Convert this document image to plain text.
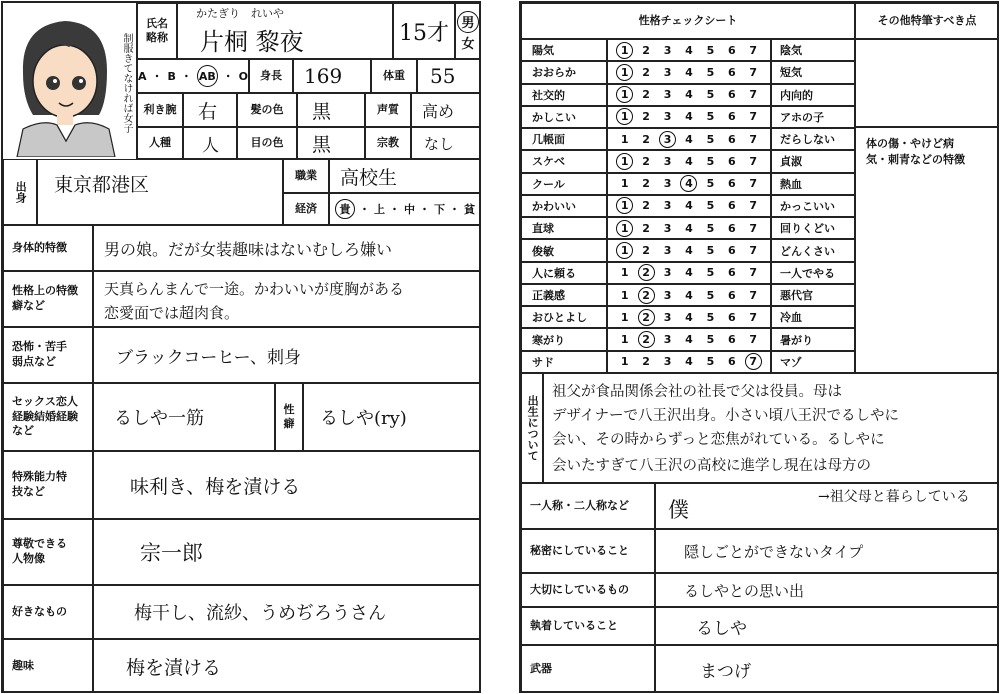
制服きてなければ女子
氏名
略称
かたぎり　れいや
片桐 黎夜	15才 男
女
A ・ B ・ AB ・ O	身長	169	体重	55
利き腕	右	髪の色	黒	声質	高め
人種	人	目の色	黒	宗教	なし
出身	東京都港区	職業	高校生
経済	貴 ・ 上 ・ 中 ・ 下 ・ 貧
身体的特徴	男の娘。だが女装趣味はないむしろ嫌い
性格上の特徴癖など
天真らんまんで一途。かわいいが度胸がある
恋愛面では超肉食。
恐怖・苦手弱点など	ブラックコーヒー、刺身
セックス恋人経験結婚経験など
るしや一筋	性癖	るしや(ry)
特殊能力特技など	味利き、梅を漬ける
尊敬できる人物像	宗一郎
好きなもの	梅干し、流紗、うめぢろうさん
趣味	梅を漬ける
性格チェックシート	その他特筆すべき点
体の傷・やけど病気・刺青などの特徴
陽気	1	2	3	4	5	6	7	陰気
おおらか	1	2	3	4	5	6	7	短気
社交的	1	2	3	4	5	6	7	内向的
かしこい	1	2	3	4	5	6	7	アホの子
几帳面	1	2	3	4	5	6	7	だらしない
スケベ	1	2	3	4	5	6	7	貞淑
クール	1	2	3	4	5	6	7	熱血
かわいい	1	2	3	4	5	6	7	かっこいい
直球	1	2	3	4	5	6	7	回りくどい
俊敏	1	2	3	4	5	6	7	どんくさい
人に頼る	1	2	3	4	5	6	7	一人でやる
正義感	1	2	3	4	5	6	7	悪代官
おひとよし	1	2	3	4	5	6	7	冷血
寒がり	1	2	3	4	5	6	7	暑がり
サド	1	2	3	4	5	6	7	マゾ
出生について
祖父が食品関係会社の社長で父は役員。母は
デザイナーで八王沢出身。小さい頃八王沢でるしやに
会い、その時からずっと恋焦がれている。るしやに
会いたすぎて八王沢の高校に進学し現在は母方の
一人称・二人称など	僕
→祖父母と暮らしている
秘密にしていること	隠しごとができないタイプ
大切にしているもの	るしやとの思い出
執着していること	るしや
武器	まつげ
